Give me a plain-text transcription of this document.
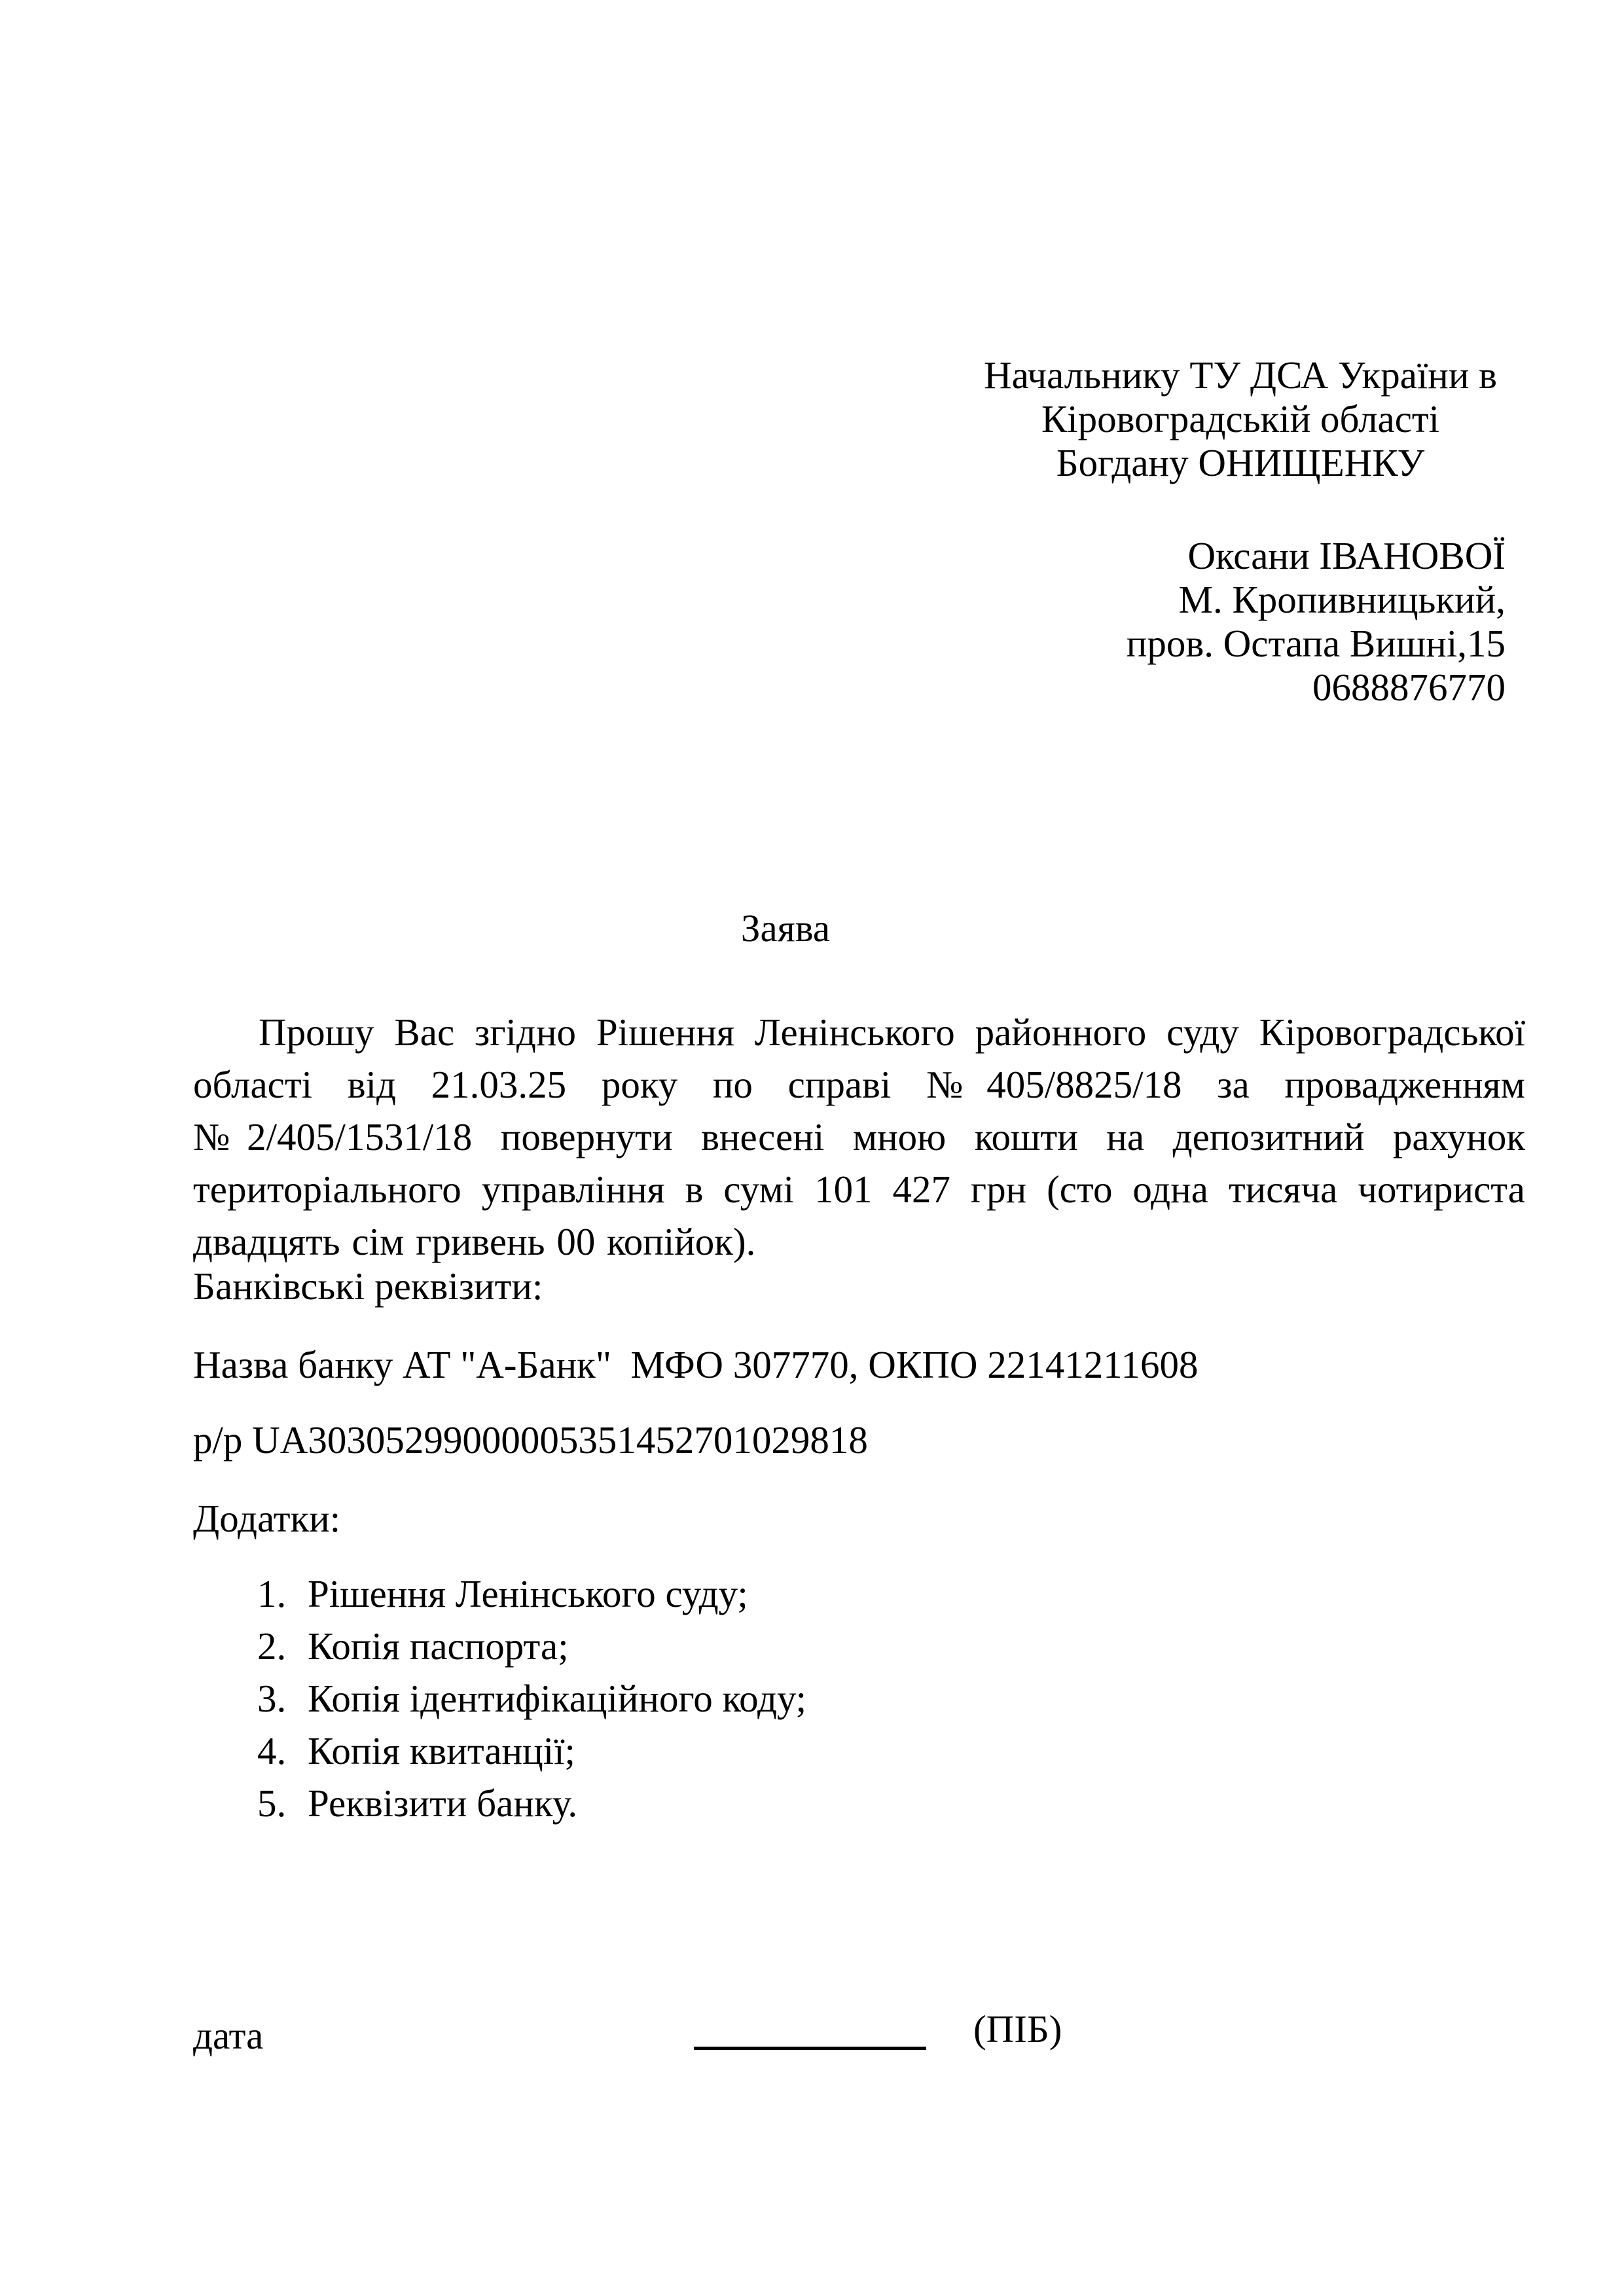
Начальнику ТУ ДСА України в
Кіровоградській області
Богдану ОНИЩЕНКУ
Оксани ІВАНОВОЇ
М. Кропивницький,
пров. Остапа Вишні,15
0688876770
Заява

Прошу Вас згідно Рішення Ленінського районного суду Кіровоградської області від 21.03.25 року по справі №405/8825/18 за провадженням №2/405/1531/18 повернути внесені мною кошти на депозитний рахунок територіального управління в сумі 101 427 грн (сто одна тисяча чотириста двадцять сім гривень 00 копійок).

Банківські реквізити:
Назва банку АТ "А-Банк"  МФО 307770, ОКПО 22141211608
р/р UA30305299000005351452701029818
Додатки:
1. Рішення Ленінського суду;
2. Копія паспорта;
3. Копія ідентифікаційного коду;
4. Копія квитанції;
5. Реквізити банку.
дата	(ПІБ)
